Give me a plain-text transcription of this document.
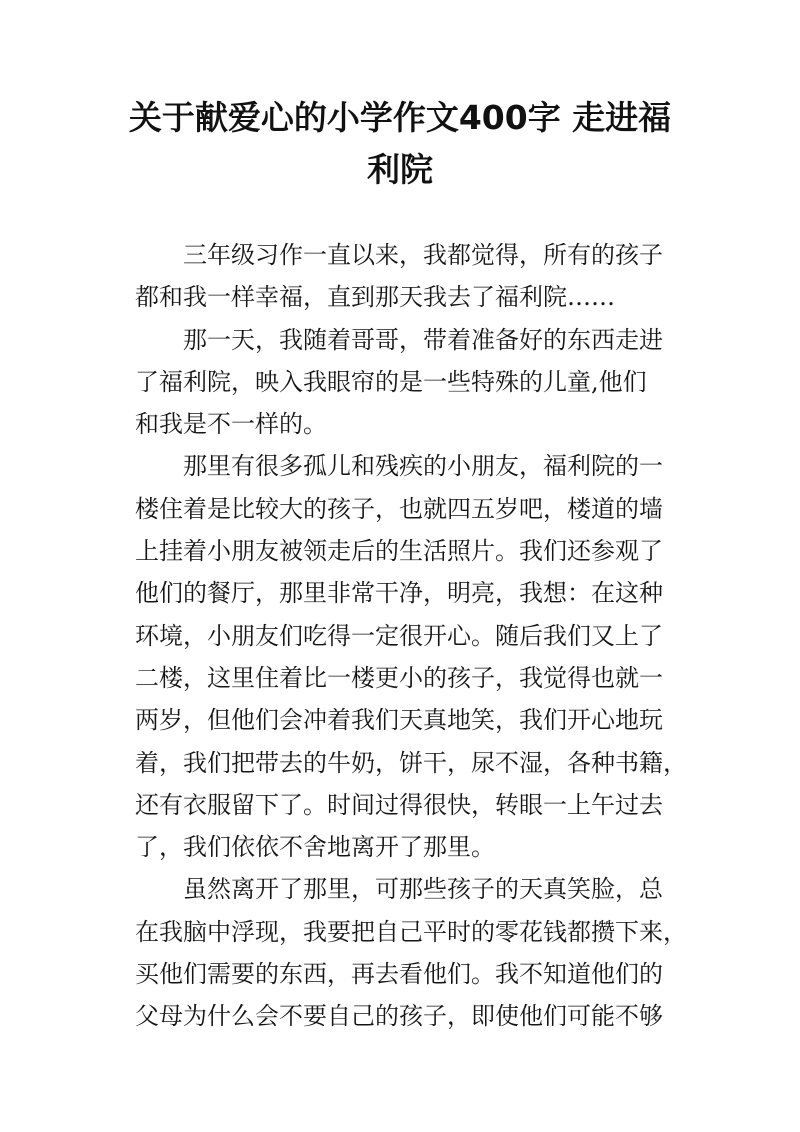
关于献爱心的小学作文400字 走进福
利院
三年级习作一直以来，我都觉得，所有的孩子
都和我一样幸福，直到那天我去了福利院……
那一天，我随着哥哥，带着准备好的东西走进
了福利院，映入我眼帘的是一些特殊的儿童,他们
和我是不一样的。
那里有很多孤儿和残疾的小朋友，福利院的一
楼住着是比较大的孩子，也就四五岁吧，楼道的墙
上挂着小朋友被领走后的生活照片。我们还参观了
他们的餐厅，那里非常干净，明亮，我想：在这种
环境，小朋友们吃得一定很开心。随后我们又上了
二楼，这里住着比一楼更小的孩子，我觉得也就一
两岁，但他们会冲着我们天真地笑，我们开心地玩
着，我们把带去的牛奶，饼干，尿不湿，各种书籍，
还有衣服留下了。时间过得很快，转眼一上午过去
了，我们依依不舍地离开了那里。
虽然离开了那里，可那些孩子的天真笑脸，总
在我脑中浮现，我要把自己平时的零花钱都攒下来，
买他们需要的东西，再去看他们。我不知道他们的
父母为什么会不要自己的孩子，即使他们可能不够
